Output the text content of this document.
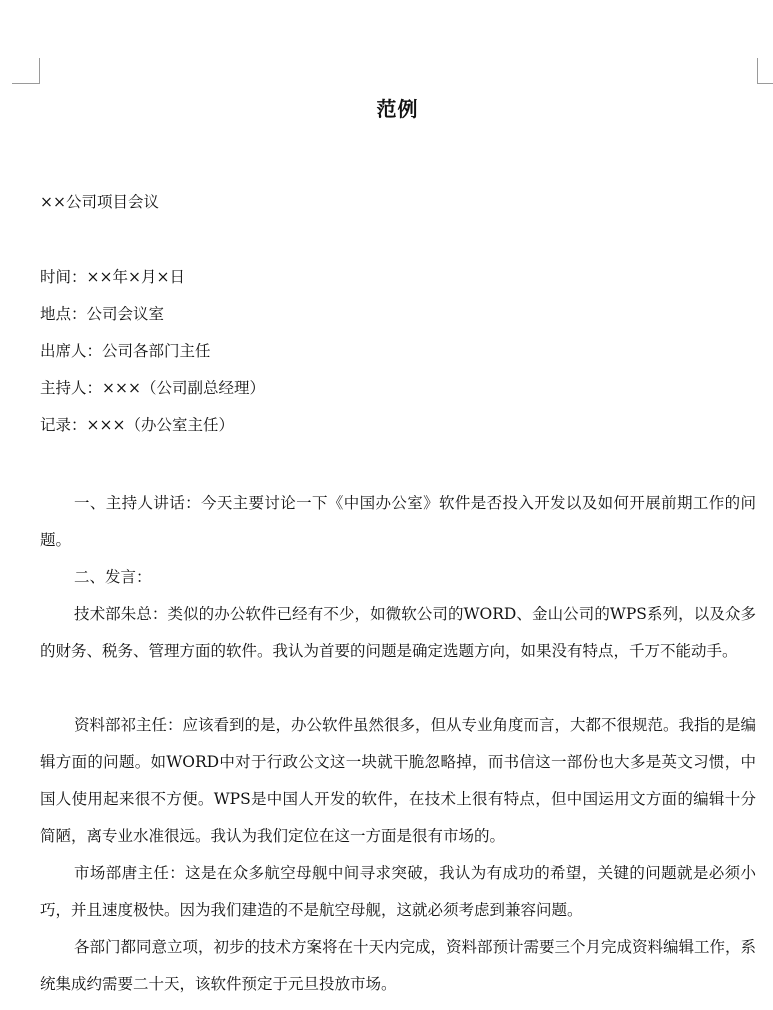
范例
××公司项目会议
时间：××年×月×日
地点：公司会议室
出席人：公司各部门主任
主持人：×××（公司副总经理）
记录：×××（办公室主任）

一、主持人讲话：今天主要讨论一下《中国办公室》软件是否投入开发以及如何开展前期工作的问题。

二、发言：

技术部朱总：类似的办公软件已经有不少，如微软公司的WORD、金山公司的WPS系列，以及众多的财务、税务、管理方面的软件。我认为首要的问题是确定选题方向，如果没有特点，千万不能动手。

资料部祁主任：应该看到的是，办公软件虽然很多，但从专业角度而言，大都不很规范。我指的是编辑方面的问题。如WORD中对于行政公文这一块就干脆忽略掉，而书信这一部份也大多是英文习惯，中国人使用起来很不方便。WPS是中国人开发的软件，在技术上很有特点，但中国运用文方面的编辑十分简陋，离专业水准很远。我认为我们定位在这一方面是很有市场的。

市场部唐主任：这是在众多航空母舰中间寻求突破，我认为有成功的希望，关键的问题就是必须小巧，并且速度极快。因为我们建造的不是航空母舰，这就必须考虑到兼容问题。

各部门都同意立项，初步的技术方案将在十天内完成，资料部预计需要三个月完成资料编辑工作，系统集成约需要二十天，该软件预定于元旦投放市场。
